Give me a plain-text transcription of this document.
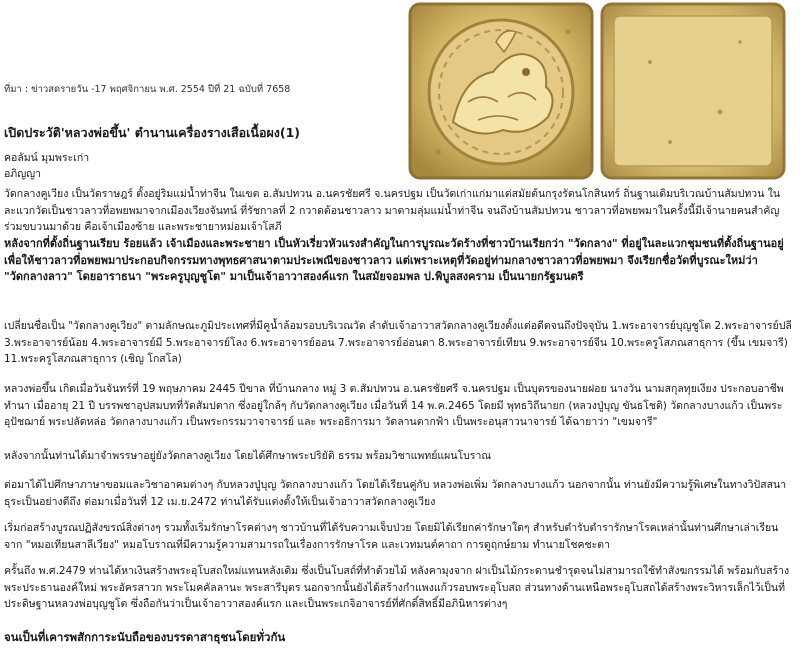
ที่มา : ข่าวสดรายวัน -17 พฤศจิกายน พ.ศ. 2554 ปีที่ 21 ฉบับที่ 7658
เปิดประวัติ'หลวงพ่อขึ้น' ตำนานเครื่องรางเสือเนื้อผง(1)
คอลัมน์ มุมพระเก่า
อภิญญา

วัดกลางคูเวียง เป็นวัดราษฎร์ ตั้งอยู่ริมแม่น้ำท่าจีน ในเขต อ.สัมปทวน อ.นครชัยศรี จ.นครปฐม เป็นวัดเก่าแก่มาแต่สมัยต้นกรุงรัตนโกสินทร์ ถิ่นฐานเดิมบริเวณบ้านสัมปทวน ในละแวกวัดเป็นชาวลาวที่อพยพมาจากเมืองเวียงจันทน์ ที่รัชกาลที่ 2 กวาดต้อนชาวลาว มาตามลุ่มแม่น้ำท่าจีน จนถึงบ้านสัมปทวน ชาวลาวที่อพยพมาในครั้งนี้มีเจ้านายคนสำคัญร่วมขบวนมาด้วย คือเจ้าเมืองซ้าย และพระชายาหม่อมเจ้าโสภี

หลังจากที่ตั้งถิ่นฐานเรียบ ร้อยแล้ว เจ้าเมืองและพระชายา เป็นหัวเรี่ยวหัวแรงสำคัญในการบูรณะวัดร้างที่ชาวบ้านเรียกว่า "วัดกลาง" ที่อยู่ในละแวกชุมชนที่ตั้งถิ่นฐานอยู่ เพื่อให้ชาวลาวที่อพยพมาประกอบกิจกรรมทางพุทธศาสนาตามประเพณีของชาวลาว แต่เพราะเหตุที่วัดอยู่ท่ามกลางชาวลาวที่อพยพมา จึงเรียกชื่อวัดที่บูรณะใหม่ว่า "วัดกลางลาว" โดยอาราธนา "พระครูบุญชูโต" มาเป็นเจ้าอาวาสองค์แรก ในสมัยจอมพล ป.พิบูลสงคราม เป็นนายกรัฐมนตรี

เปลี่ยนชื่อเป็น "วัดกลางคูเวียง" ตามลักษณะภูมิประเทศที่มีคูน้ำล้อมรอบบริเวณวัด ลำดับเจ้าอาวาสวัดกลางคูเวียงตั้งแต่อดีตจนถึงปัจจุบัน 1.พระอาจารย์บุญชูโต 2.พระอาจารย์ปลี 3.พระอาจารย์น้อย 4.พระอาจารย์มี 5.พระอาจารย์โลง 6.พระอาจารย์ออน 7.พระอาจารย์อ่อนตา 8.พระอาจารย์เทียน 9.พระอาจารย์จีน 10.พระครูโสภณสาธุการ (ขึ้น เขมจารี) 11.พระครูโสภณสาธุการ (เชิญ โกสโล)

หลวงพ่อขึ้น เกิดเมื่อวันจันทร์ที่ 19 พฤษภาคม 2445 ปีขาล ที่บ้านกลาง หมู่ 3 ต.สัมปทวน อ.นครชัยศรี จ.นครปฐม เป็นบุตรของนายฝอย นางวัน นามสกุลทุยเงียง ประกอบอาชีพทำนา เมื่ออายุ 21 ปี บรรพชาอุปสมบทที่วัดสัมปตาก ซึ่งอยู่ใกล้ๆ กับวัดกลางคูเวียง เมื่อวันที่ 14 พ.ค.2465 โดยมี พุทธวิถีนายก (หลวงปู่บุญ ขันธโชติ) วัดกลางบางแก้ว เป็นพระอุปัชฌาย์ พระปลัดหล่อ วัดกลางบางแก้ว เป็นพระกรรมวาจาจารย์ และ พระอธิการมา วัดลานตากฟ้า เป็นพระอนุสาวนาจารย์ ได้ฉายาว่า "เขมจารี"

หลังจากนั้นท่านได้มาจำพรรษาอยู่ยังวัดกลางคูเวียง โดยได้ศึกษาพระปริยัติ ธรรม พร้อมวิชาแพทย์แผนโบราณ

ต่อมาได้ไปศึกษาภาษาขอมและวิชาอาคมต่างๆ กับหลวงปู่บุญ วัดกลางบางแก้ว โดยได้เรียนคู่กับ หลวงพ่อเพิ่ม วัดกลางบางแก้ว นอกจากนั้น ท่านยังมีความรู้พิเศษในทางวิปัสสนาธุระเป็นอย่างดีถึง ต่อมาเมื่อวันที่ 12 เม.ย.2472 ท่านได้รับแต่งตั้งให้เป็นเจ้าอาวาสวัดกลางคูเวียง

เริ่มก่อสร้างบูรณปฏิสังขรณ์สิ่งต่างๆ รวมทั้งเริ่มรักษาโรคต่างๆ ชาวบ้านที่ได้รับความเจ็บป่วย โดยมิได้เรียกค่ารักษาใดๆ สำหรับตำรับตำรารักษาโรคเหล่านั้นท่านศึกษาเล่าเรียนจาก "หมอเทียนสาลีเวียง" หมอโบราณที่มีความรู้ความสามารถในเรื่องการรักษาโรค และเวทมนต์คาถา การดูฤกษ์ยาม ทำนายโชคชะตา

ครั้นถึง พ.ศ.2479 ท่านได้หาเงินสร้างพระอุโบสถใหม่แทนหลังเดิม ซึ่งเป็นโบสถ์ที่ทำด้วยไม้ หลังคามุงจาก ฝาเป็นไม้กระดานชำรุดจนไม่สามารถใช้ทำสังฆกรรมได้ พร้อมกับสร้างพระประธานองค์ใหม่ พระอัครสาวก พระโมคคัลลานะ พระสารีบุตร นอกจากนั้นยังได้สร้างกำแพงแก้วรอบพระอุโบสถ ส่วนทางด้านเหนือพระอุโบสถได้สร้างพระวิหารเล็กไว้เป็นที่ประดิษฐานหลวงพ่อบุญชูโต ซึ่งถือกันว่าเป็นเจ้าอาวาสองค์แรก และเป็นพระเกจิอาจารย์ที่ศักดิ์สิทธิ์มีอภินิหารต่างๆ

จนเป็นที่เคารพสักการะนับถือของบรรดาสาธุชนโดยทั่วกัน
